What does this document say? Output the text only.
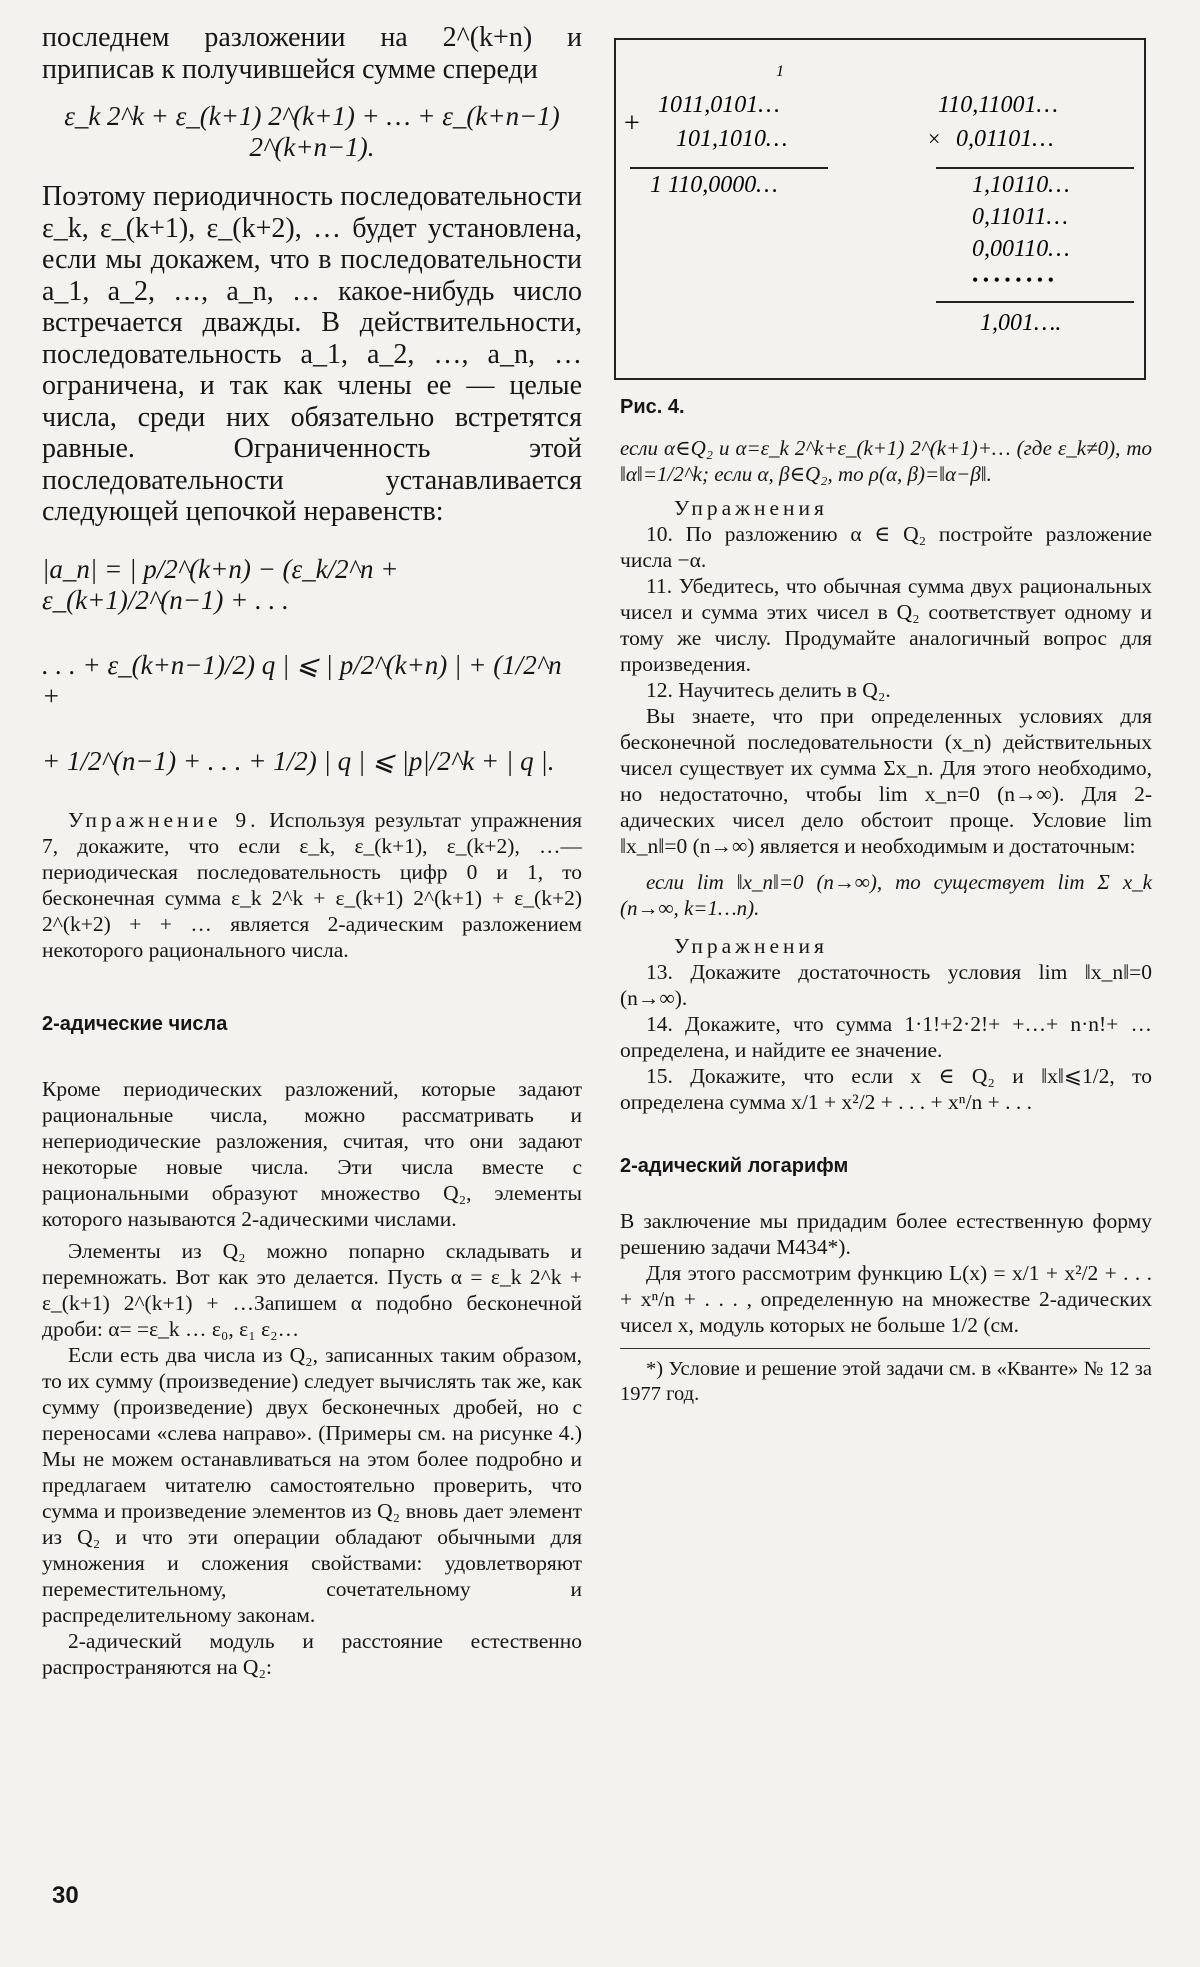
последнем разложении на 2^(k+n) и приписав к получившейся сумме спереди

ε_k 2^k + ε_(k+1) 2^(k+1) + … + ε_(k+n−1) 2^(k+n−1).

Поэтому периодичность последовательности ε_k, ε_(k+1), ε_(k+2), … будет установлена, если мы докажем, что в последовательности a_1, a_2, …, a_n, … какое-нибудь число встречается дважды. В действительности, последовательность a_1, a_2, …, a_n, … ограничена, и так как члены ее — целые числа, среди них обязательно встретятся равные. Ограниченность этой последовательности устанавливается следующей цепочкой неравенств:

|a_n| = | p/2^(k+n) − (ε_k/2^n + ε_(k+1)/2^(n−1) + . . .

. . . + ε_(k+n−1)/2) q | ⩽ | p/2^(k+n) | + (1/2^n +

+ 1/2^(n−1) + . . . + 1/2) | q | ⩽ |p|/2^k + | q |.

Упражнение 9. Используя результат упражнения 7, докажите, что если ε_k, ε_(k+1), ε_(k+2), …— периодическая последовательность цифр 0 и 1, то бесконечная сумма ε_k 2^k + ε_(k+1) 2^(k+1) + ε_(k+2) 2^(k+2) + + … является 2-адическим разложением некоторого рационального числа.

2-адические числа

Кроме периодических разложений, которые задают рациональные числа, можно рассматривать и непериодические разложения, считая, что они задают некоторые новые числа. Эти числа вместе с рациональными образуют множество Q₂, элементы которого называются 2-адическими числами.

Элементы из Q₂ можно попарно складывать и перемножать. Вот как это делается. Пусть α = ε_k 2^k + ε_(k+1) 2^(k+1) + …Запишем α подобно бесконечной дроби: α= =ε_k … ε₀, ε₁ ε₂…

Если есть два числа из Q₂, записанных таким образом, то их сумму (произведение) следует вычислять так же, как сумму (произведение) двух бесконечных дробей, но с переносами «слева направо». (Примеры см. на рисунке 4.) Мы не можем останавливаться на этом более подробно и предлагаем читателю самостоятельно проверить, что сумма и произведение элементов из Q₂ вновь дает элемент из Q₂ и что эти операции обладают обычными для умножения и сложения свойствами: удовлетворяют переместительному, сочетательному и распределительному законам.

2-адический модуль и расстояние естественно распространяются на Q₂:

1
+
1011,0101…
101,1010…
1 110,0000…
110,11001…
× 0,01101…
1,10110…
0,11011…
0,00110…
• • • • • • • •
1,001….

Рис. 4.

если α∈Q₂ и α=ε_k 2^k+ε_(k+1) 2^(k+1)+… (где ε_k≠0), то ‖α‖=1/2^k; если α, β∈Q₂, то ρ(α, β)=‖α−β‖.

Упражнения

10. По разложению α ∈ Q₂ постройте разложение числа −α.

11. Убедитесь, что обычная сумма двух рациональных чисел и сумма этих чисел в Q₂ соответствует одному и тому же числу. Продумайте аналогичный вопрос для произведения.

12. Научитесь делить в Q₂.

Вы знаете, что при определенных условиях для бесконечной последовательности (x_n) действительных чисел существует их сумма Σx_n. Для этого необходимо, но недостаточно, чтобы lim x_n=0 (n→∞). Для 2-адических чисел дело обстоит проще. Условие lim ‖x_n‖=0 (n→∞) является и необходимым и достаточным:

если lim ‖x_n‖=0 (n→∞), то существует lim Σ x_k (n→∞, k=1…n).

Упражнения

13. Докажите достаточность условия lim ‖x_n‖=0 (n→∞).

14. Докажите, что сумма 1·1!+2·2!+ +…+ n·n!+ … определена, и найдите ее значение.

15. Докажите, что если x ∈ Q₂ и ‖x‖⩽1/2, то определена сумма x/1 + x²/2 + . . . + xⁿ/n + . . .

2-адический логарифм

В заключение мы придадим более естественную форму решению задачи М434*).

Для этого рассмотрим функцию L(x) = x/1 + x²/2 + . . . + xⁿ/n + . . . , определенную на множестве 2-адических чисел x, модуль которых не больше 1/2 (см.

*) Условие и решение этой задачи см. в «Кванте» № 12 за 1977 год.

30
